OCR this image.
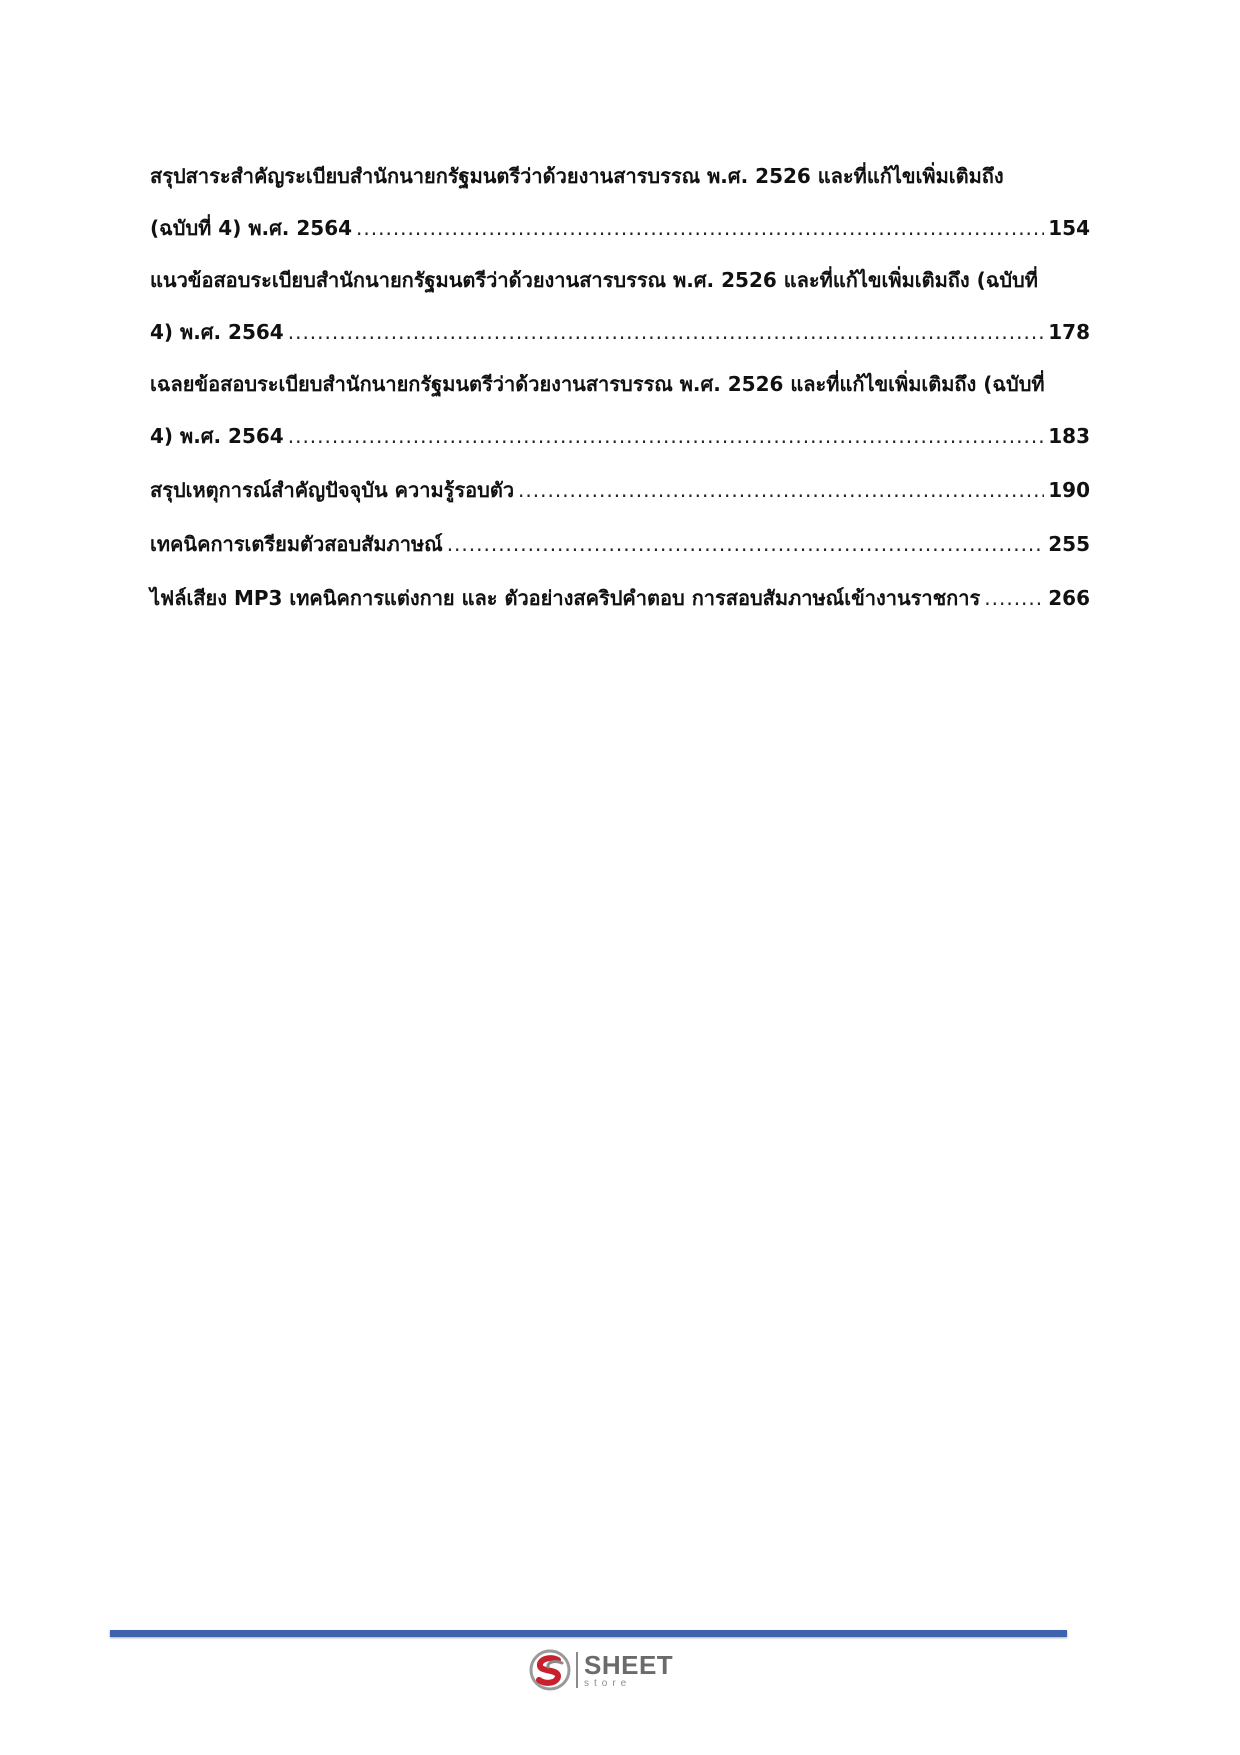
สรุปสาระสำคัญระเบียบสำนักนายกรัฐมนตรีว่าด้วยงานสารบรรณ พ.ศ. 2526 และที่แก้ไขเพิ่มเติมถึง
(ฉบับที่ 4) พ.ศ. 2564 .....	154
แนวข้อสอบระเบียบสำนักนายกรัฐมนตรีว่าด้วยงานสารบรรณ พ.ศ. 2526 และที่แก้ไขเพิ่มเติมถึง (ฉบับที่
4) พ.ศ. 2564 .....	178
เฉลยข้อสอบระเบียบสำนักนายกรัฐมนตรีว่าด้วยงานสารบรรณ พ.ศ. 2526 และที่แก้ไขเพิ่มเติมถึง (ฉบับที่
4) พ.ศ. 2564 .....	183
สรุปเหตุการณ์สำคัญปัจจุบัน ความรู้รอบตัว .....	190
เทคนิคการเตรียมตัวสอบสัมภาษณ์ .....	255
ไฟล์เสียง MP3 เทคนิคการแต่งกาย และ ตัวอย่างสคริปคำตอบ การสอบสัมภาษณ์เข้างานราชการ .....	266
SHEET
store
